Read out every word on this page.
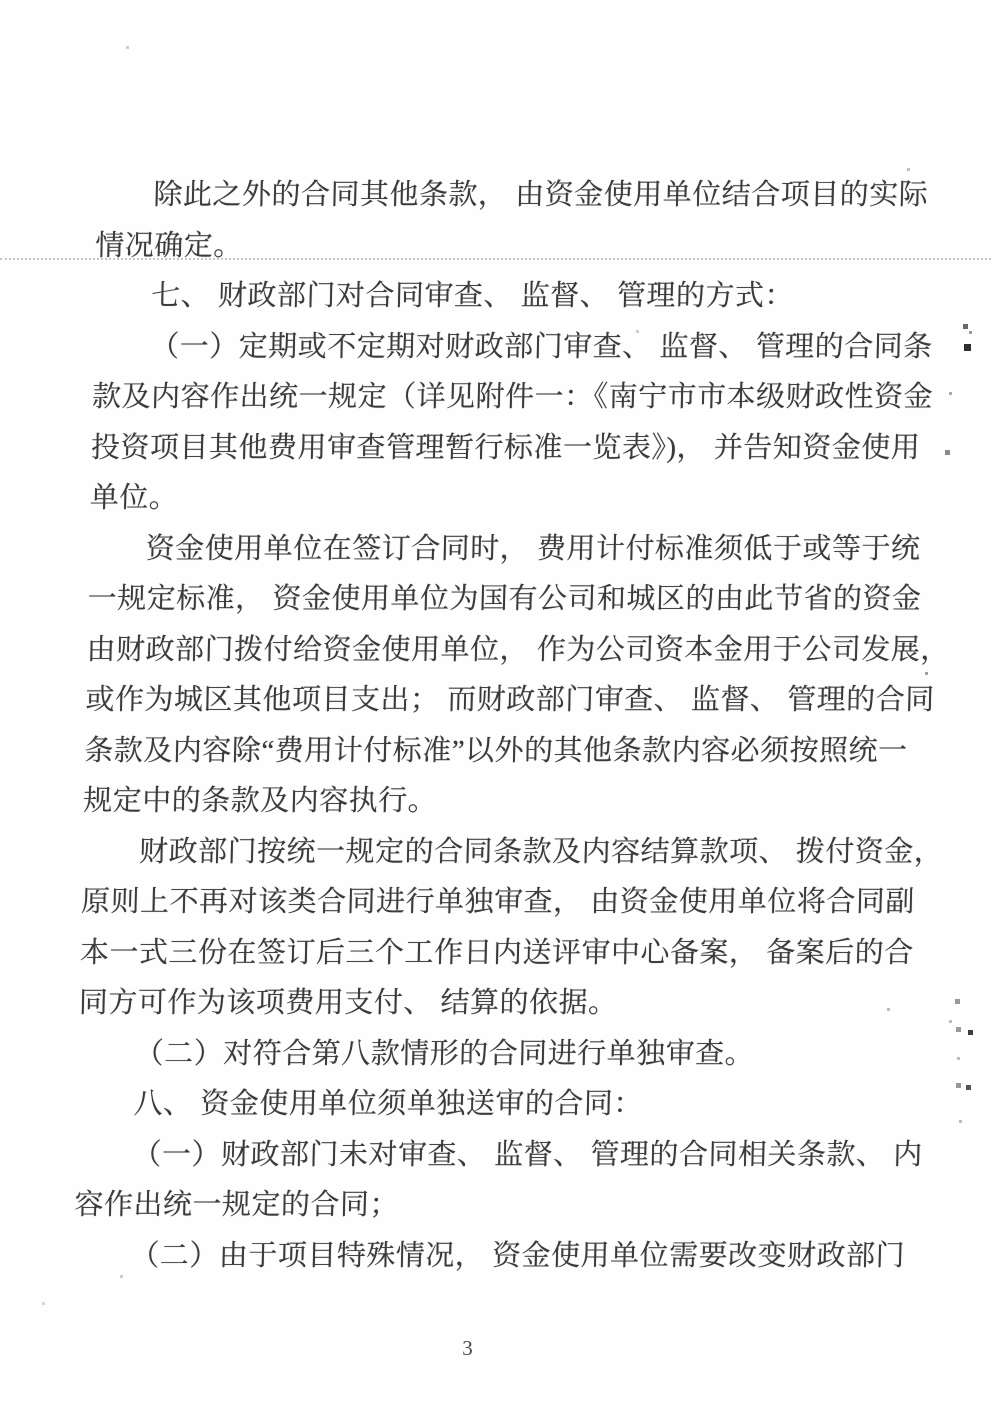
除此之外的合同其他条款， 由资金使用单位结合项目的实际
情况确定。
七、 财政部门对合同审查、 监督、 管理的方式：
（一）定期或不定期对财政部门审查、 监督、 管理的合同条
款及内容作出统一规定（详见附件一：《南宁市市本级财政性资金
投资项目其他费用审查管理暂行标准一览表》)， 并告知资金使用
单位。
资金使用单位在签订合同时， 费用计付标准须低于或等于统
一规定标准， 资金使用单位为国有公司和城区的由此节省的资金
由财政部门拨付给资金使用单位， 作为公司资本金用于公司发展，
或作为城区其他项目支出； 而财政部门审查、 监督、 管理的合同
条款及内容除“费用计付标准”以外的其他条款内容必须按照统一
规定中的条款及内容执行。
财政部门按统一规定的合同条款及内容结算款项、 拨付资金，
原则上不再对该类合同进行单独审查， 由资金使用单位将合同副
本一式三份在签订后三个工作日内送评审中心备案， 备案后的合
同方可作为该项费用支付、 结算的依据。
（二）对符合第八款情形的合同进行单独审查。
八、 资金使用单位须单独送审的合同：
（一）财政部门未对审查、 监督、 管理的合同相关条款、 内
容作出统一规定的合同；
（二）由于项目特殊情况， 资金使用单位需要改变财政部门
3
